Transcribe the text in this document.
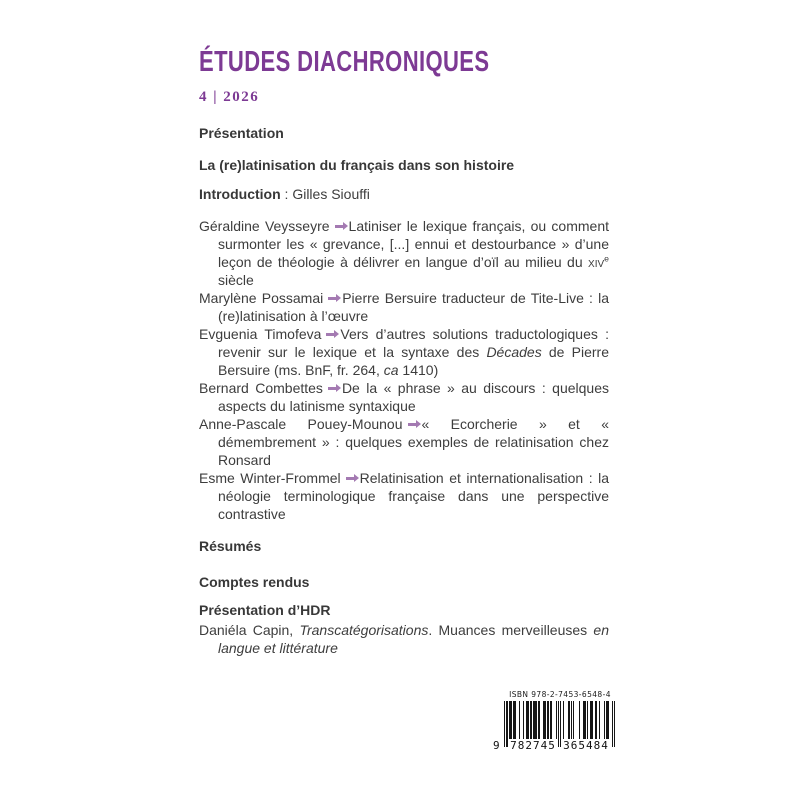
ÉTUDES DIACHRONIQUES
4 | 2026
Présentation
La (re)latinisation du français dans son histoire

Introduction : Gilles Siouffi

Géraldine Veysseyre Latiniser le lexique français, ou comment surmonter les « grevance, [...] ennui et destourbance » d’une leçon de théologie à délivrer en langue d’oïl au milieu du xiv$^e$ siècle
Marylène Possamai Pierre Bersuire traducteur de Tite-Live : la (re)latinisation à l’œuvre
Evguenia Timofeva Vers d’autres solutions traductologiques : revenir sur le lexique et la syntaxe des Décades de Pierre Bersuire (ms. BnF, fr. 264, ca 1410)
Bernard Combettes De la « phrase » au discours : quelques aspects du latinisme syntaxique
Anne-Pascale Pouey-Mounou « Ecorcherie » et « démembrement » : quelques exemples de relatinisation chez Ronsard
Esme Winter-Frommel Relatinisation et internationalisation : la néologie terminologique française dans une perspective contrastive
Résumés
Comptes rendus
Présentation d’HDR
Daniéla Capin, Transcatégorisations. Muances merveilleuses en langue et littérature
ISBN 978-2-7453-6548-4
9 782745 365484
